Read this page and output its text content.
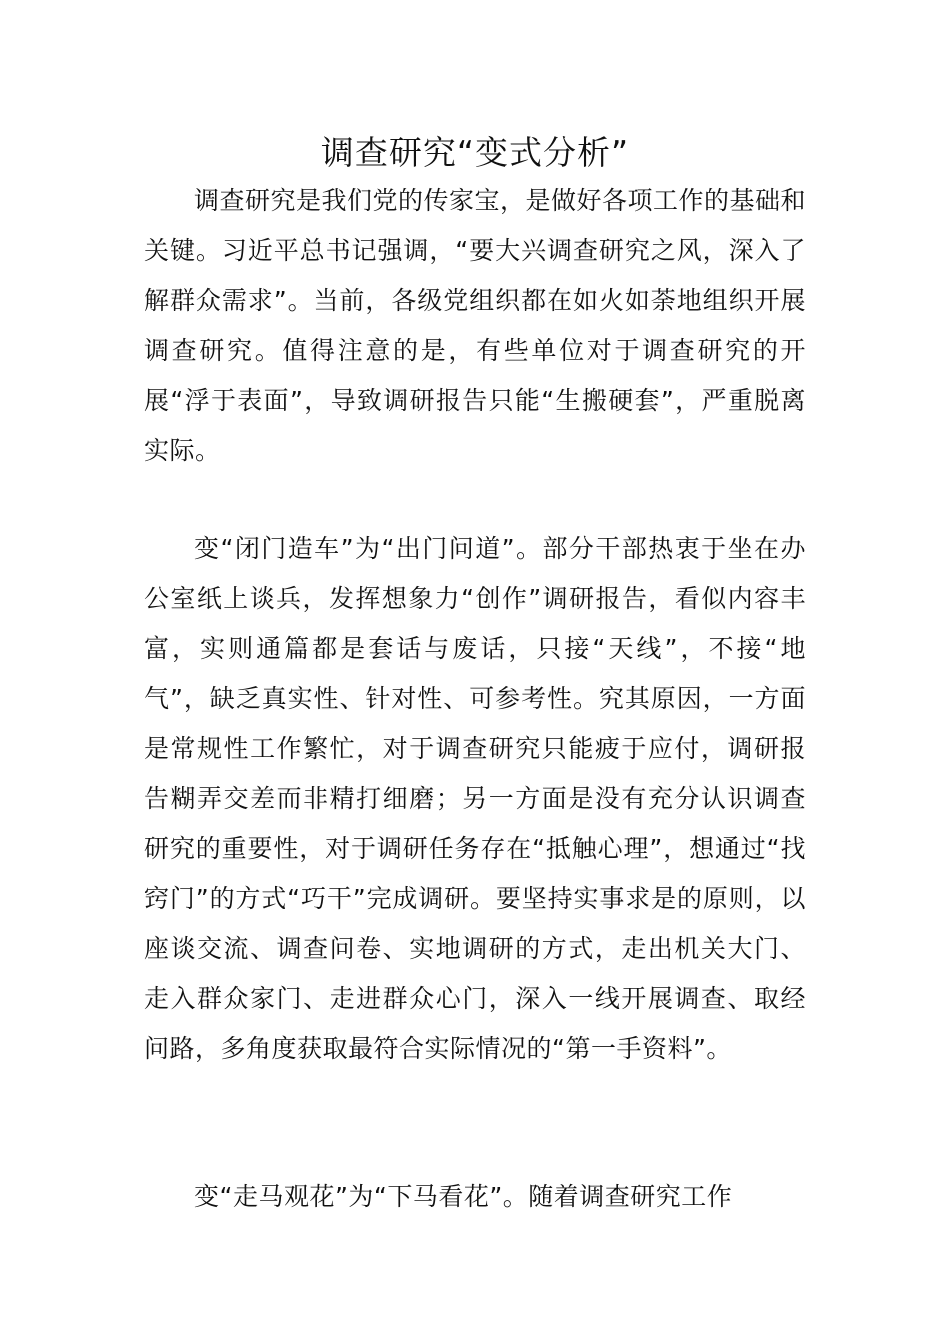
调查研究“变式分析”

调查研究是我们党的传家宝，是做好各项工作的基础和关键。习近平总书记强调，“要大兴调查研究之风，深入了解群众需求”。当前，各级党组织都在如火如荼地组织开展调查研究。值得注意的是，有些单位对于调查研究的开展“浮于表面”，导致调研报告只能“生搬硬套”，严重脱离实际。

变“闭门造车”为“出门问道”。部分干部热衷于坐在办公室纸上谈兵，发挥想象力“创作”调研报告，看似内容丰富，实则通篇都是套话与废话，只接“天线”，不接“地气”，缺乏真实性、针对性、可参考性。究其原因，一方面是常规性工作繁忙，对于调查研究只能疲于应付，调研报告糊弄交差而非精打细磨；另一方面是没有充分认识调查研究的重要性，对于调研任务存在“抵触心理”，想通过“找窍门”的方式“巧干”完成调研。要坚持实事求是的原则，以座谈交流、调查问卷、实地调研的方式，走出机关大门、走入群众家门、走进群众心门，深入一线开展调查、取经问路，多角度获取最符合实际情况的“第一手资料”。

变“走马观花”为“下马看花”。随着调查研究工作
